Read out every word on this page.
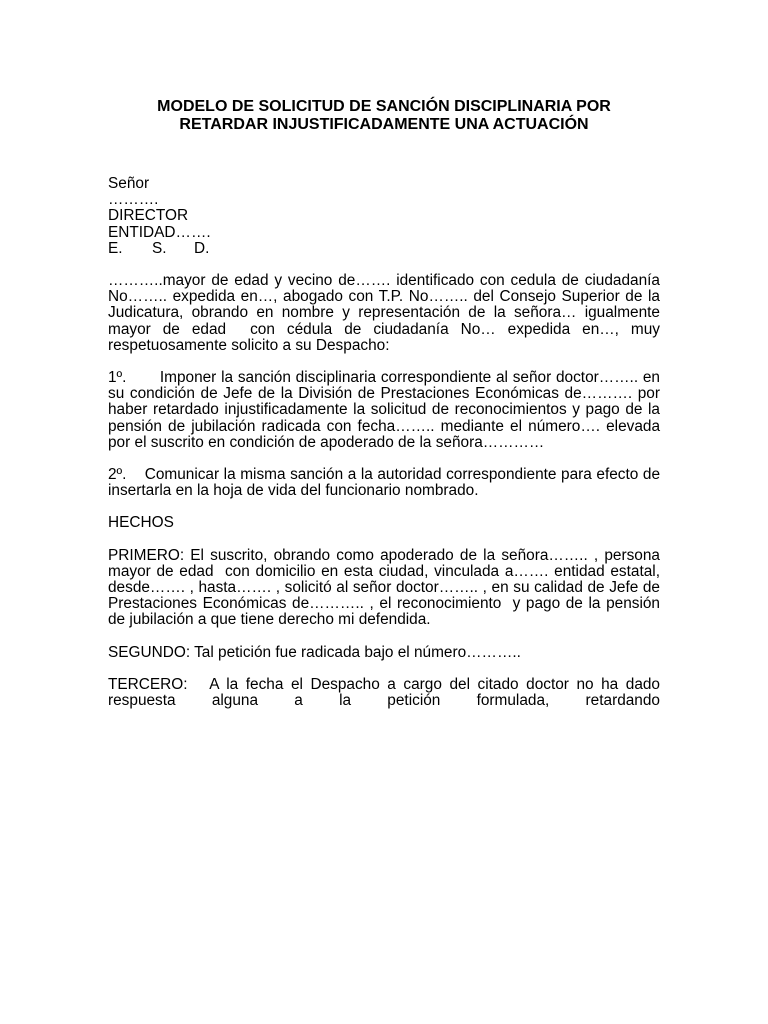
MODELO DE SOLICITUD DE SANCIÓN DISCIPLINARIA POR
RETARDAR INJUSTIFICADAMENTE UNA ACTUACIÓN
Señor
……….
DIRECTOR
ENTIDAD…….
E. S. D.

………..mayor de edad y vecino de……. identificado con cedula de ciudadanía No…….. expedida en…, abogado con T.P. No…….. del Consejo Superior de la Judicatura, obrando en nombre y representación de la señora… igualmente mayor de edad  con cédula de ciudadanía No… expedida en…, muy respetuosamente solicito a su Despacho:

1º.       Imponer la sanción disciplinaria correspondiente al señor doctor…….. en su condición de Jefe de la División de Prestaciones Económicas de………. por haber retardado injustificadamente la solicitud de reconocimientos y pago de la pensión de jubilación radicada con fecha…….. mediante el número…. elevada por el suscrito en condición de apoderado de la señora…………

2º.    Comunicar la misma sanción a la autoridad correspondiente para efecto de insertarla en la hoja de vida del funcionario nombrado.

HECHOS

PRIMERO: El suscrito, obrando como apoderado de la señora…….. , persona mayor de edad  con domicilio en esta ciudad, vinculada a……. entidad estatal, desde……. , hasta……. , solicitó al señor doctor…….. , en su calidad de Jefe de Prestaciones Económicas de……….. , el reconocimiento  y pago de la pensión de jubilación a que tiene derecho mi defendida.

SEGUNDO: Tal petición fue radicada bajo el número………..

TERCERO:   A la fecha el Despacho a cargo del citado doctor no ha dado respuesta alguna a la petición formulada, retardando
